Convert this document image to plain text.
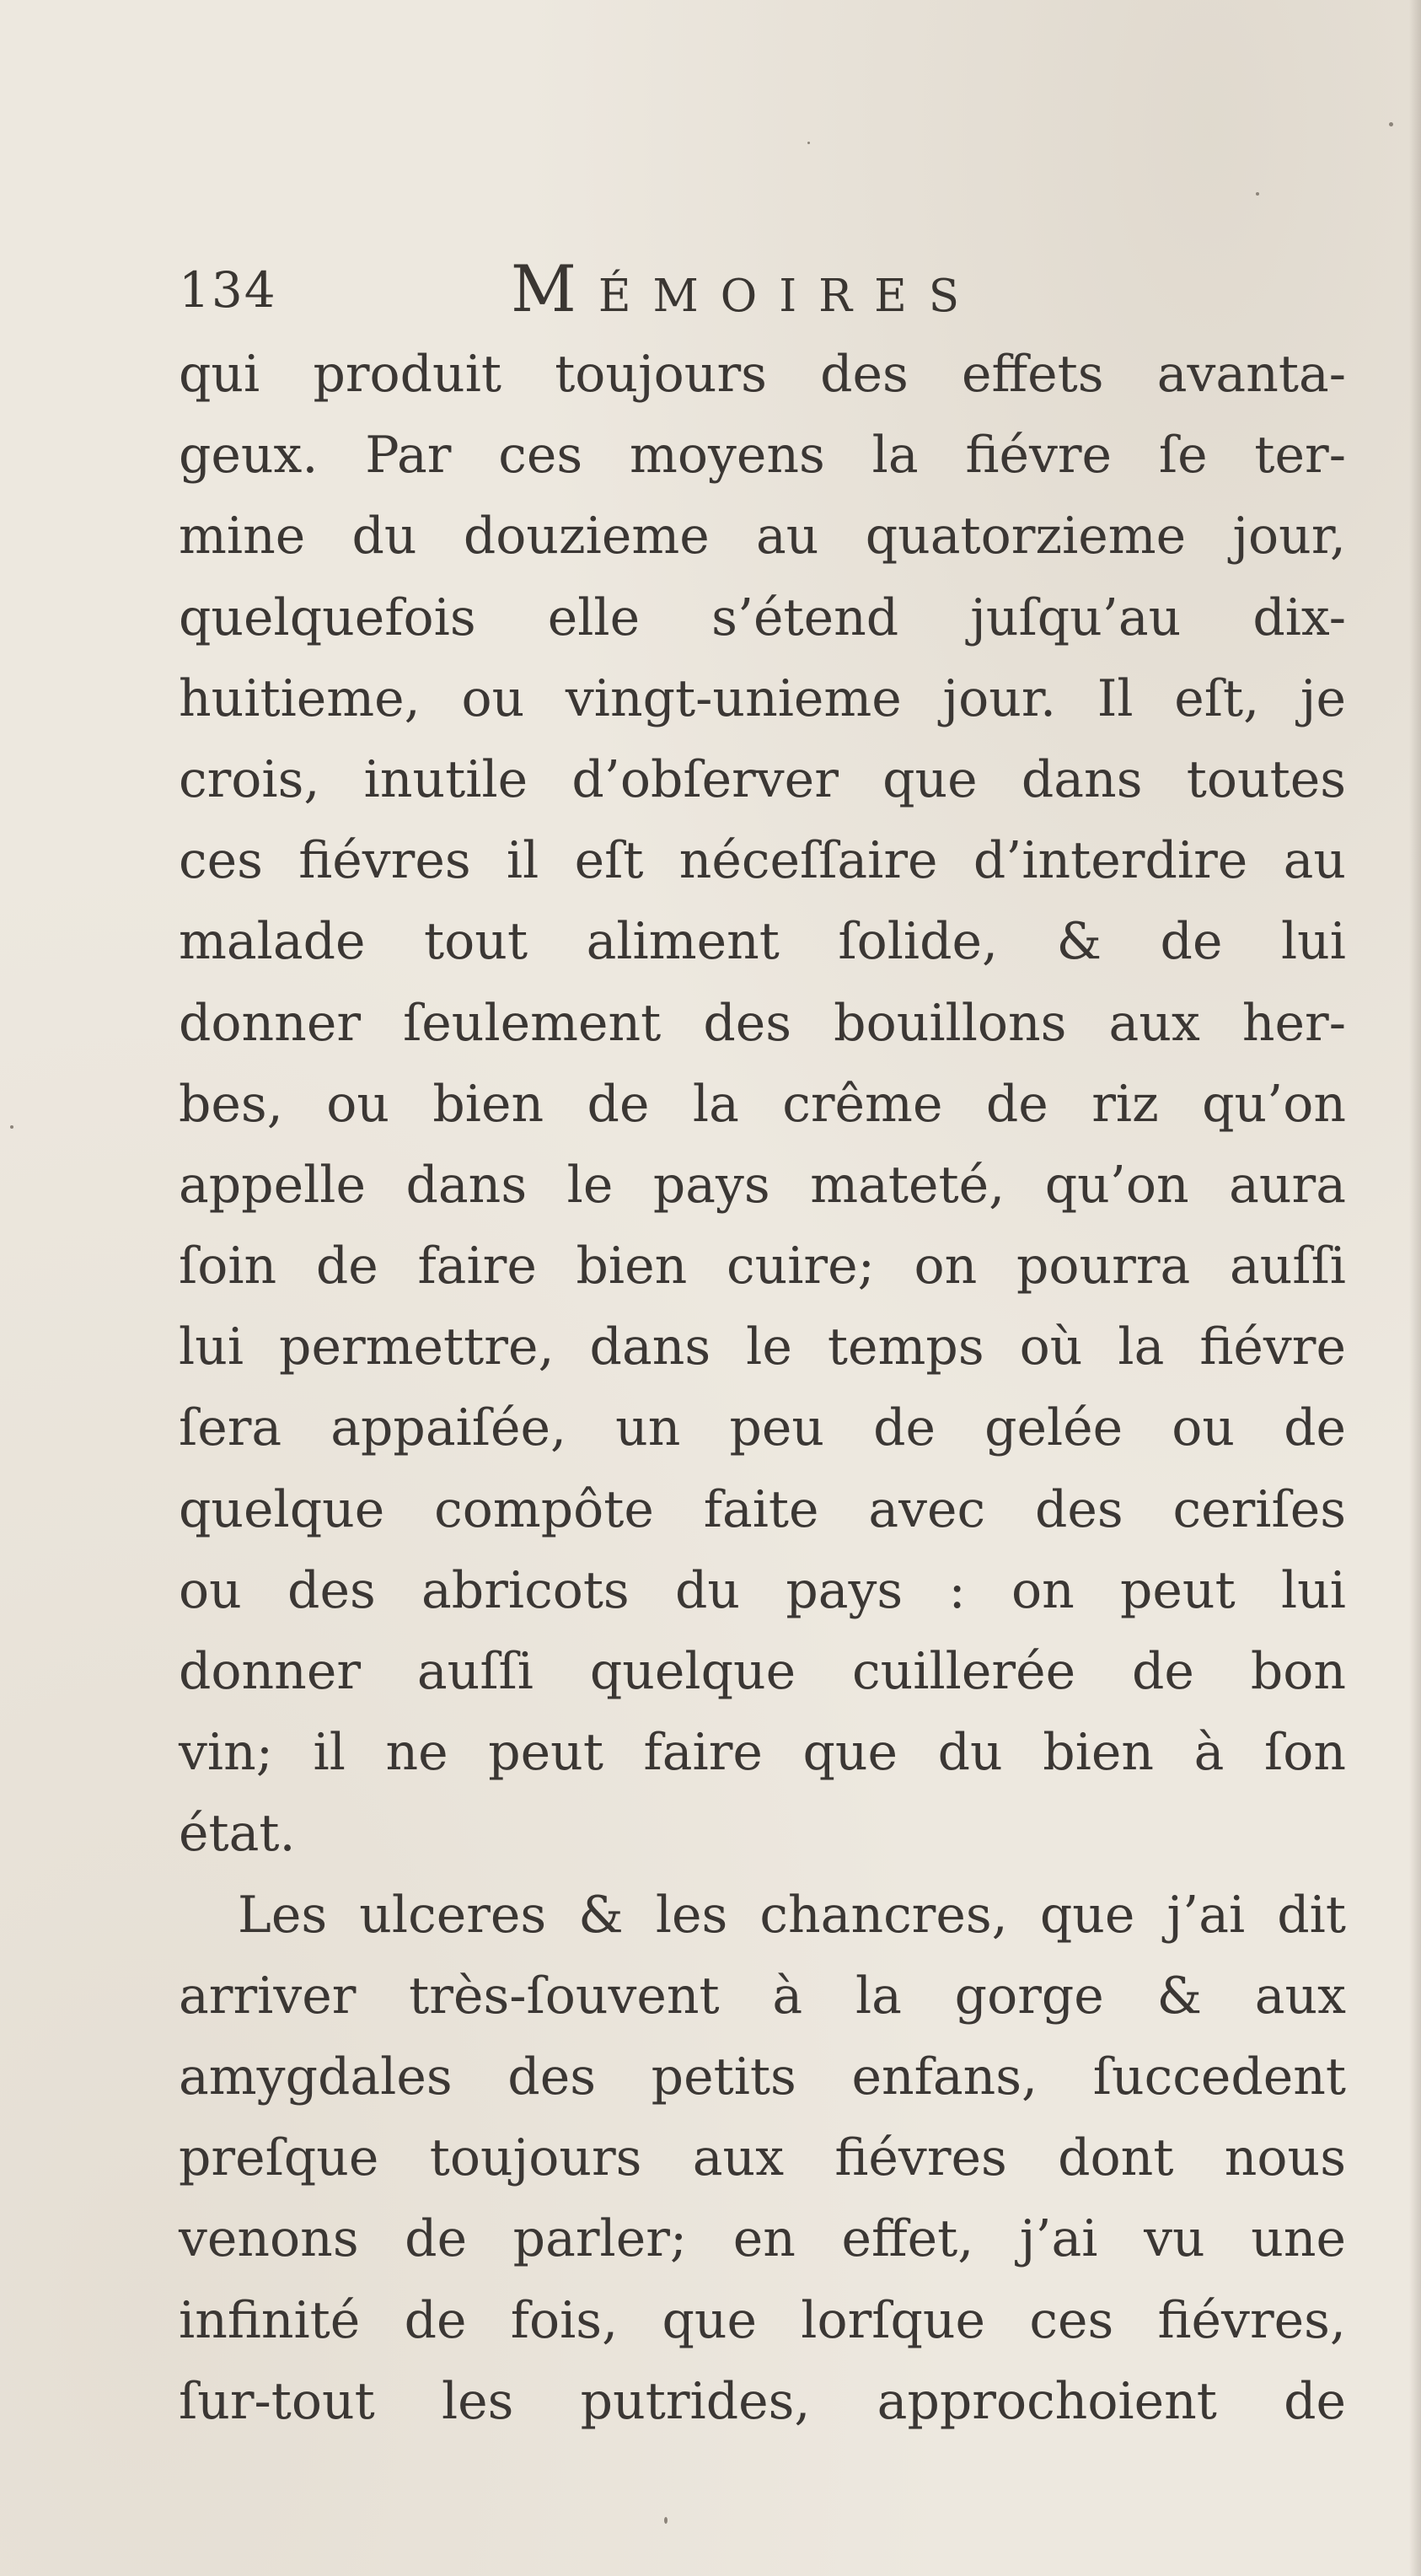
134	Mémoires
qui produit toujours des effets avanta-
geux. Par ces moyens la fiévre ſe ter-
mine du douzieme au quatorzieme jour,
quelquefois elle s’étend juſqu’au dix-
huitieme, ou vingt-unieme jour. Il eſt, je
crois, inutile d’obſerver que dans toutes
ces fiévres il eſt néceſſaire d’interdire au
malade tout aliment ſolide, & de lui
donner ſeulement des bouillons aux her-
bes, ou bien de la crême de riz qu’on
appelle dans le pays mateté, qu’on aura
ſoin de faire bien cuire; on pourra auſſi
lui permettre, dans le temps où la fiévre
ſera appaiſée, un peu de gelée ou de
quelque compôte faite avec des ceriſes
ou des abricots du pays : on peut lui
donner auſſi quelque cuillerée de bon
vin; il ne peut faire que du bien à ſon
état.
Les ulceres & les chancres, que j’ai dit
arriver très-ſouvent à la gorge & aux
amygdales des petits enfans, ſuccedent
preſque toujours aux fiévres dont nous
venons de parler; en effet, j’ai vu une
infinité de fois, que lorſque ces fiévres,
ſur-tout les putrides, approchoient de
